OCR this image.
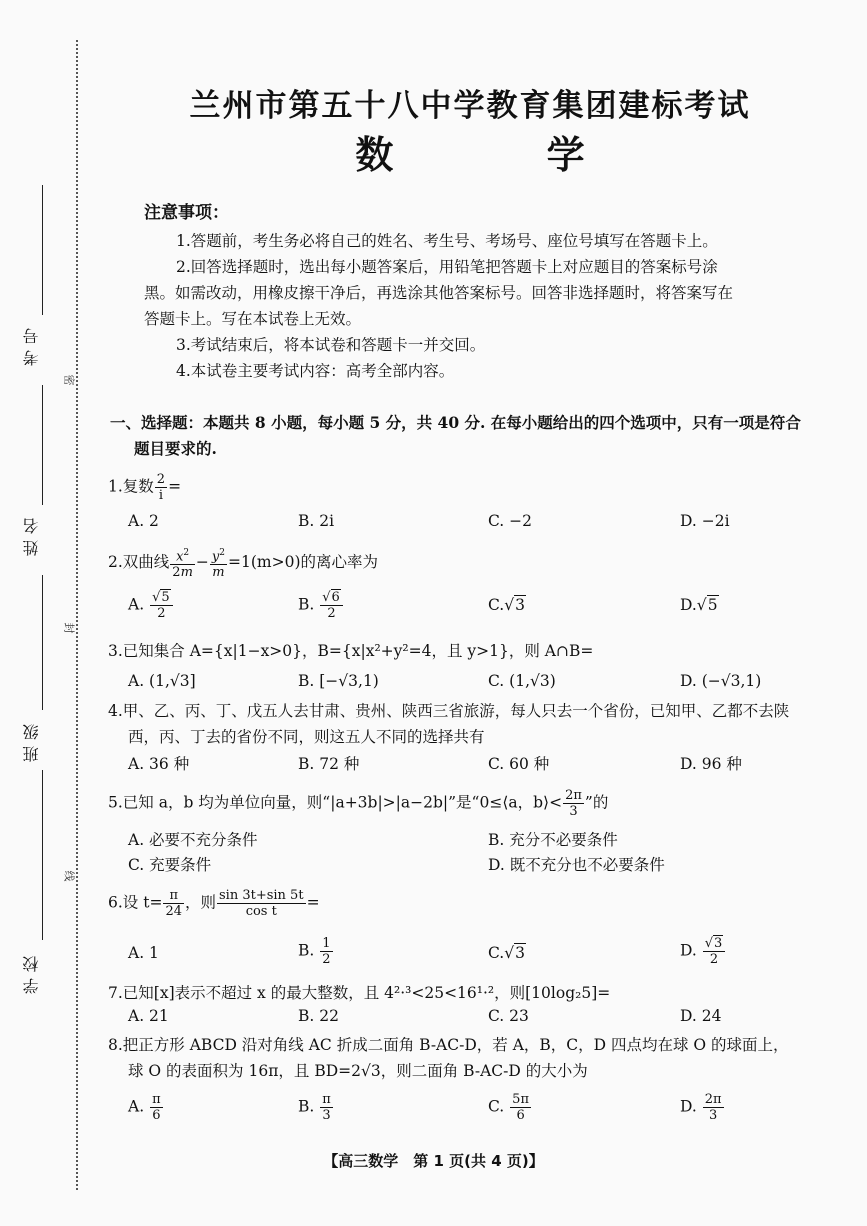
考号
姓名
班级
学校
密
封
线
兰州市第五十八中学教育集团建标考试
数 学
注意事项：

1.答题前，考生务必将自己的姓名、考生号、考场号、座位号填写在答题卡上。

2.回答选择题时，选出每小题答案后，用铅笔把答题卡上对应题目的答案标号涂

黑。如需改动，用橡皮擦干净后，再选涂其他答案标号。回答非选择题时，将答案写在

答题卡上。写在本试卷上无效。

3.考试结束后，将本试卷和答题卡一并交回。

4.本试卷主要考试内容：高考全部内容。

一、选择题：本题共 8 小题，每小题 5 分，共 40 分. 在每小题给出的四个选项中，只有一项是符合

题目要求的.

1.复数 $\frac{2}{i}$ =
A. 2	B. 2i	C. −2	D. −2i
2.双曲线 $\frac{x^2}{2m} - \frac{y^2}{m} =1(m>0)$的离心率为
A. $\frac{√5}{2}$	B. $\frac{√6}{2}$	C.√3	D.√5
3.已知集合 A={x|1−x>0}，B={x|x²+y²=4，且 y>1}，则 A∩B=
A. (1,√3]	B. [−√3,1)	C. (1,√3)	D. (−√3,1)

4.甲、乙、丙、丁、戊五人去甘肃、贵州、陕西三省旅游，每人只去一个省份，已知甲、乙都不去陕

西，丙、丁去的省份不同，则这五人不同的选择共有

A. 36 种	B. 72 种	C. 60 种	D. 96 种
5.已知 a，b 均为单位向量，则“|a+3b|>|a−2b|”是“0≤⟨a，b⟩< $\frac{2\pi}{3}$ ”的
A. 必要不充分条件	B. 充分不必要条件
C. 充要条件	D. 既不充分也不必要条件
6.设 $t= \frac{\pi}{24}$ ，则 $\frac{\sin 3t+\sin 5t}{\text{cos t}}$ =
A. 1	B. $\frac{1}{2}$	C.√3	D. $\frac{√3}{2}$
7.已知[x]表示不超过 x 的最大整数，且 4²·³<25<16¹·²，则[10log₂5]=
A. 21	B. 22	C. 23	D. 24

8.把正方形 ABCD 沿对角线 AC 折成二面角 B-AC-D，若 A，B，C，D 四点均在球 O 的球面上，

球 O 的表面积为 16π，且 BD=2√3，则二面角 B-AC-D 的大小为

A. $\frac{\pi}{6}$	B. $\frac{\pi}{3}$	C. $\frac{5\pi}{6}$	D. $\frac{2\pi}{3}$
【高三数学　第 1 页(共 4 页)】
